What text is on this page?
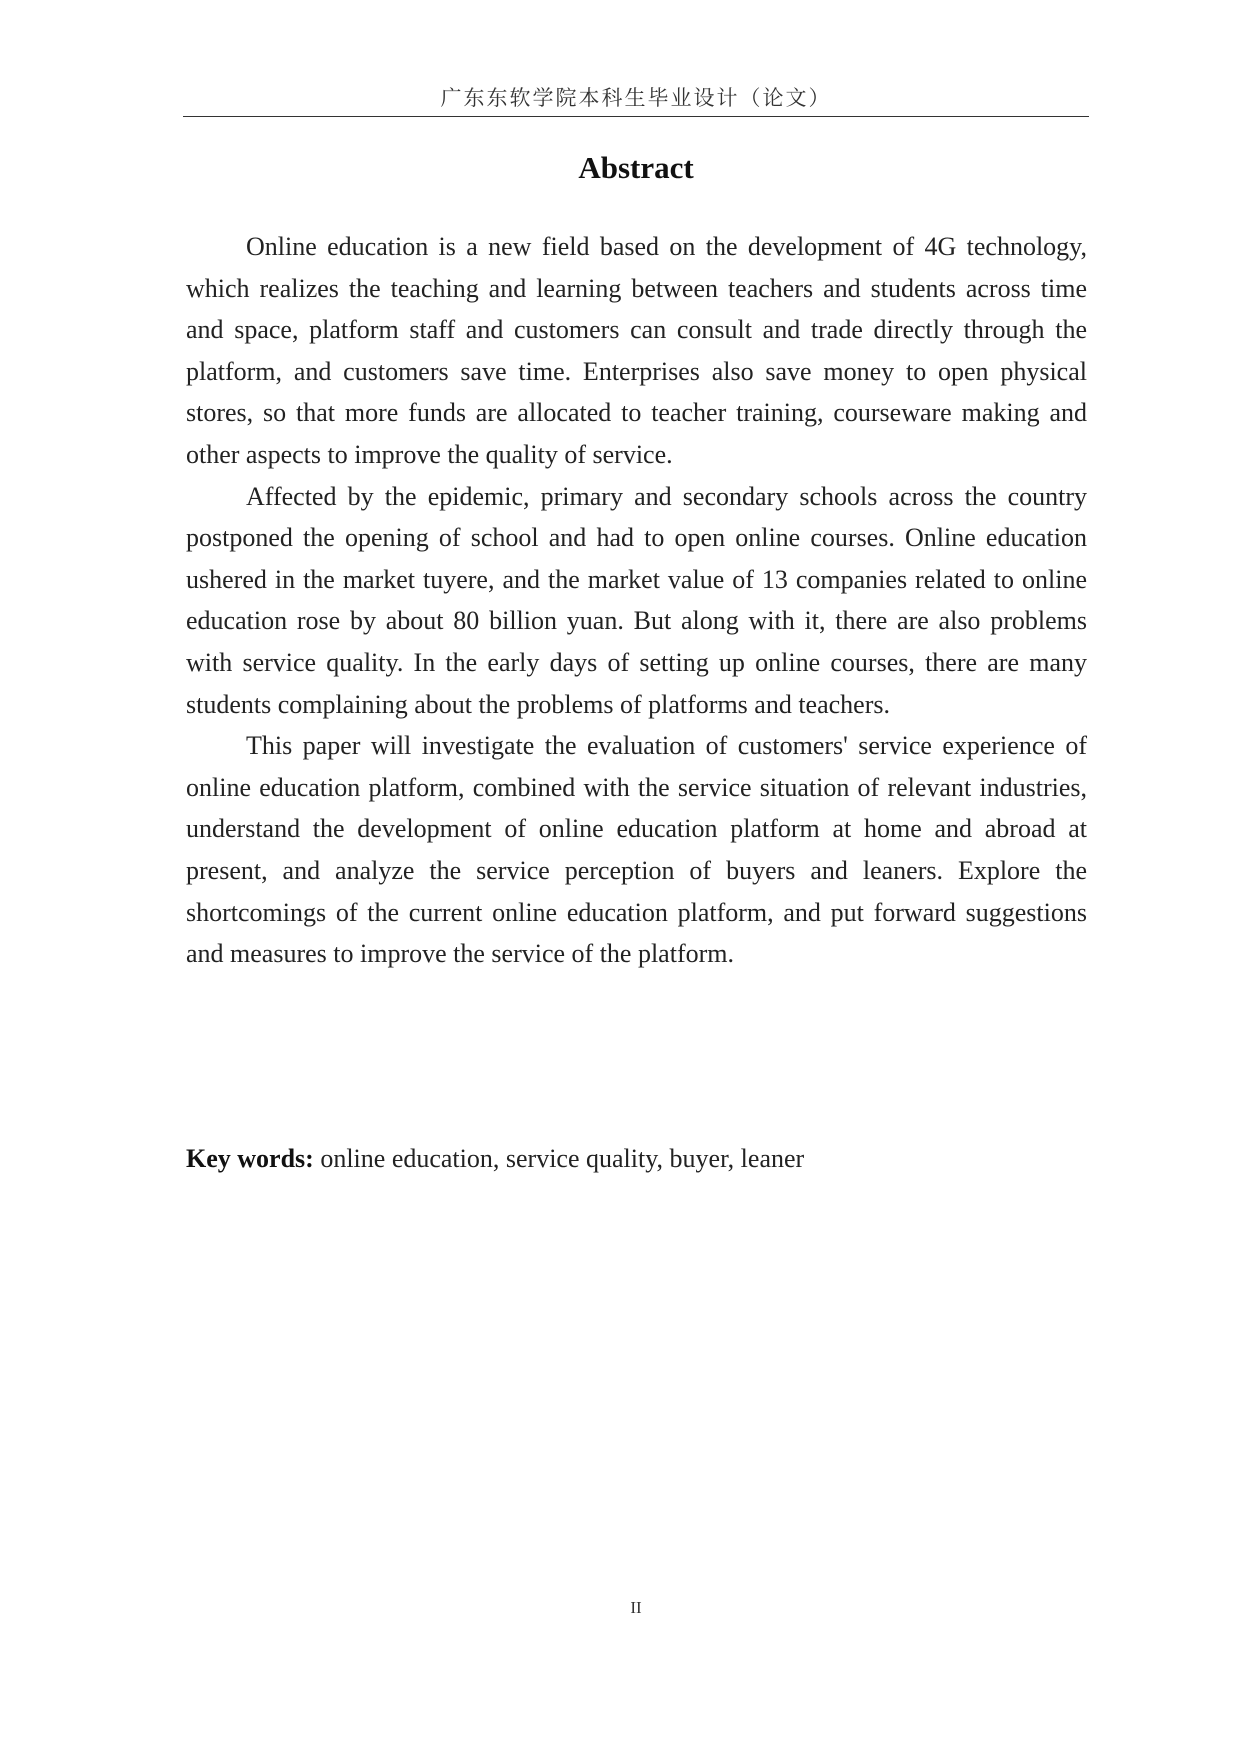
广东东软学院本科生毕业设计（论文）
Abstract

Online education is a new field based on the development of 4G technology, which realizes the teaching and learning between teachers and students across time and space, platform staff and customers can consult and trade directly through the platform, and customers save time. Enterprises also save money to open physical stores, so that more funds are allocated to teacher training, courseware making and other aspects to improve the quality of service.

Affected by the epidemic, primary and secondary schools across the country postponed the opening of school and had to open online courses. Online education ushered in the market tuyere, and the market value of 13 companies related to online education rose by about 80 billion yuan. But along with it, there are also problems with service quality. In the early days of setting up online courses, there are many students complaining about the problems of platforms and teachers.

This paper will investigate the evaluation of customers' service experience of online education platform, combined with the service situation of relevant industries, understand the development of online education platform at home and abroad at present, and analyze the service perception of buyers and leaners. Explore the shortcomings of the current online education platform, and put forward suggestions and measures to improve the service of the platform.

Key words: online education, service quality, buyer, leaner
II
